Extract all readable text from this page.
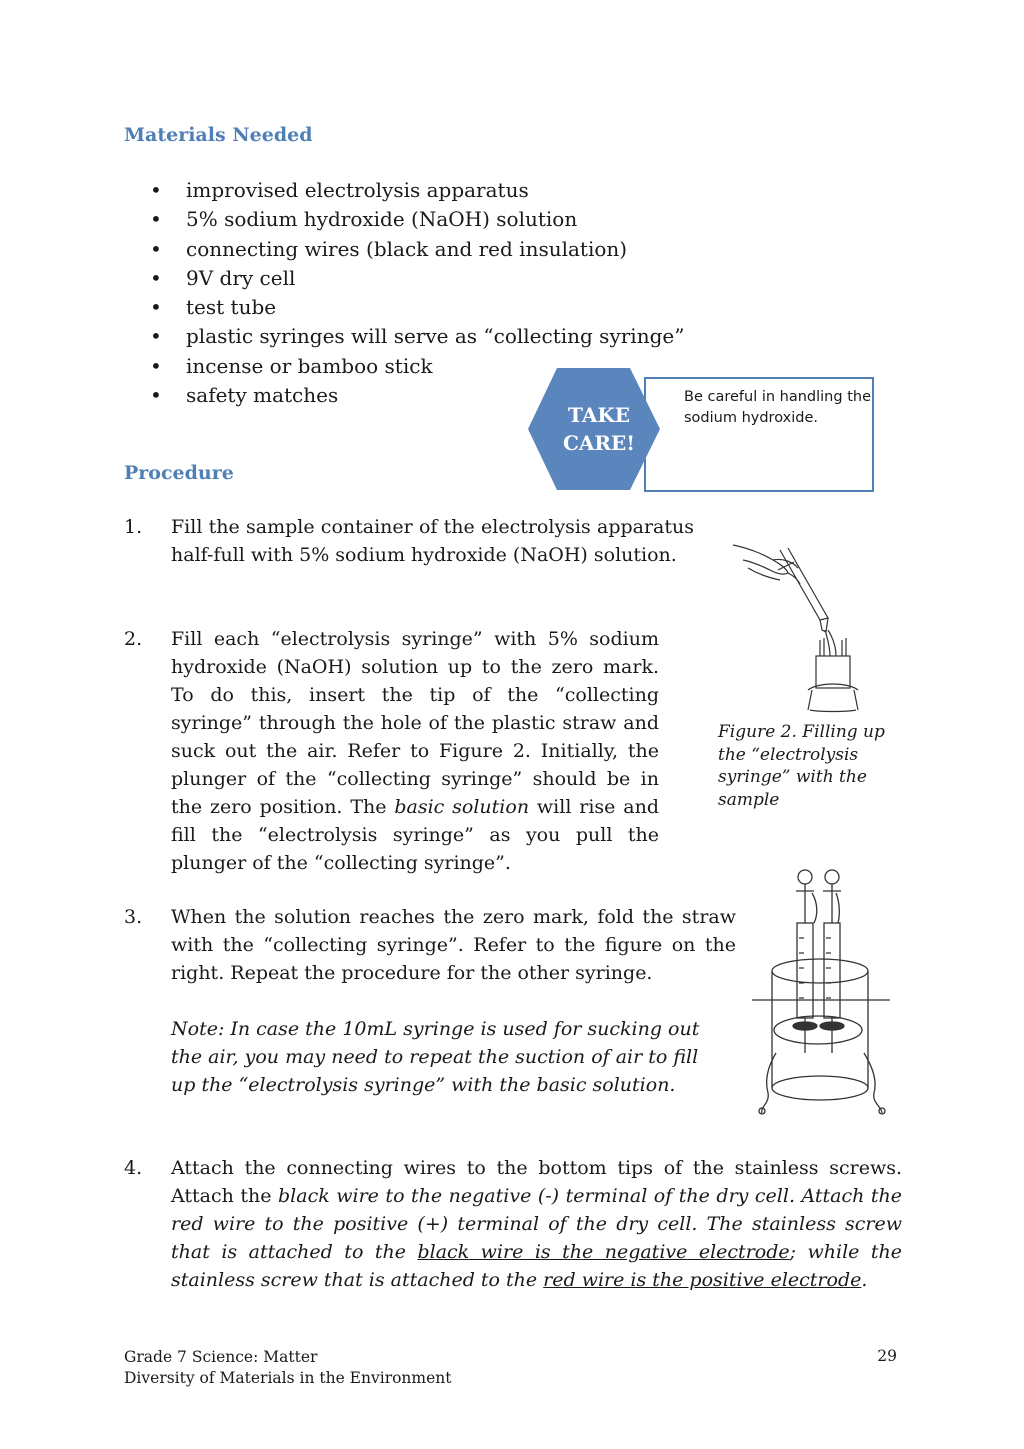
Materials Needed
• improvised electrolysis apparatus
• 5% sodium hydroxide (NaOH) solution
• connecting wires (black and red insulation)
• 9V dry cell
• test tube
• plastic syringes will serve as “collecting syringe”
• incense or bamboo stick
• safety matches	Be careful in handling the sodium hydroxide.
TAKE
CARE!
Procedure
1. Fill the sample container of the electrolysis apparatus half-full with 5% sodium hydroxide (NaOH) solution.

2. Fill each “electrolysis syringe” with 5% sodium hydroxide (NaOH) solution up to the zero mark. To do this, insert the tip of the “collecting syringe” through the hole of the plastic straw and suck out the air. Refer to Figure 2. Initially, the plunger of the “collecting syringe” should be in the zero position. The basic solution will rise and fill the “electrolysis syringe” as you pull the plunger of the “collecting syringe”.

3. When the solution reaches the zero mark, fold the straw with the “collecting syringe”. Refer to the figure on the right. Repeat the procedure for the other syringe.

Note: In case the 10mL syringe is used for sucking out the air, you may need to repeat the suction of air to fill up the “electrolysis syringe” with the basic solution.

4. Attach the connecting wires to the bottom tips of the stainless screws. Attach the black wire to the negative (-) terminal of the dry cell. Attach the red wire to the positive (+) terminal of the dry cell. The stainless screw that is attached to the black wire is the negative electrode; while the stainless screw that is attached to the red wire is the positive electrode.

Figure 2. Filling up the “electrolysis syringe” with the sample
Grade 7 Science: Matter
Diversity of Materials in the Environment
29
